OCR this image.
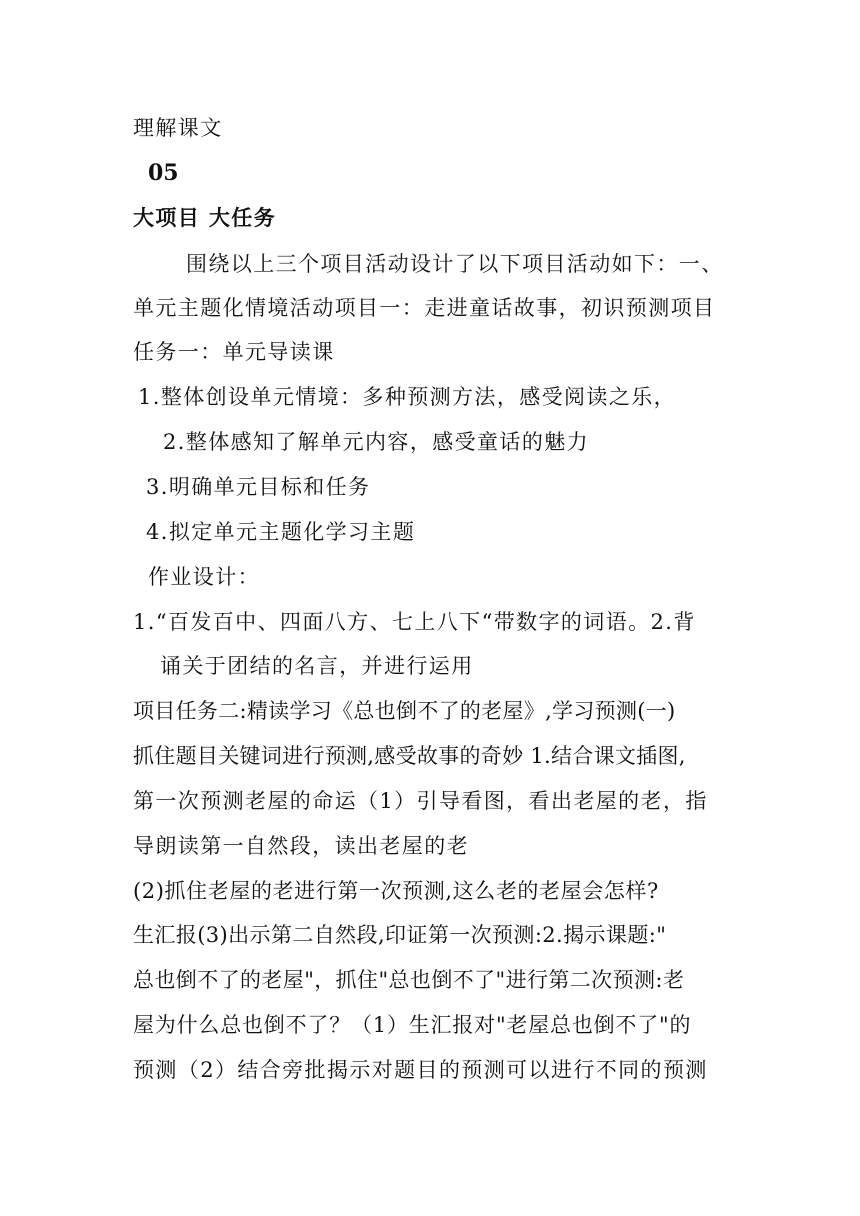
理解课文
05
大项目 大任务
围绕以上三个项目活动设计了以下项目活动如下：一、
单元主题化情境活动项目一：走进童话故事，初识预测项目
任务一：单元导读课
1.整体创设单元情境：多种预测方法，感受阅读之乐，
2.整体感知了解单元内容，感受童话的魅力
3.明确单元目标和任务
4.拟定单元主题化学习主题
作业设计：
1.“百发百中、四面八方、七上八下“带数字的词语。2.背
诵关于团结的名言，并进行运用
项目任务二:精读学习《总也倒不了的老屋》,学习预测(一)
抓住题目关键词进行预测,感受故事的奇妙 1.结合课文插图,
第一次预测老屋的命运（1）引导看图，看出老屋的老，指
导朗读第一自然段，读出老屋的老
(2)抓住老屋的老进行第一次预测,这么老的老屋会怎样?
生汇报(3)出示第二自然段,印证第一次预测:2.揭示课题:"
总也倒不了的老屋"，抓住"总也倒不了"进行第二次预测:老
屋为什么总也倒不了？（1）生汇报对"老屋总也倒不了"的
预测（2）结合旁批揭示对题目的预测可以进行不同的预测
